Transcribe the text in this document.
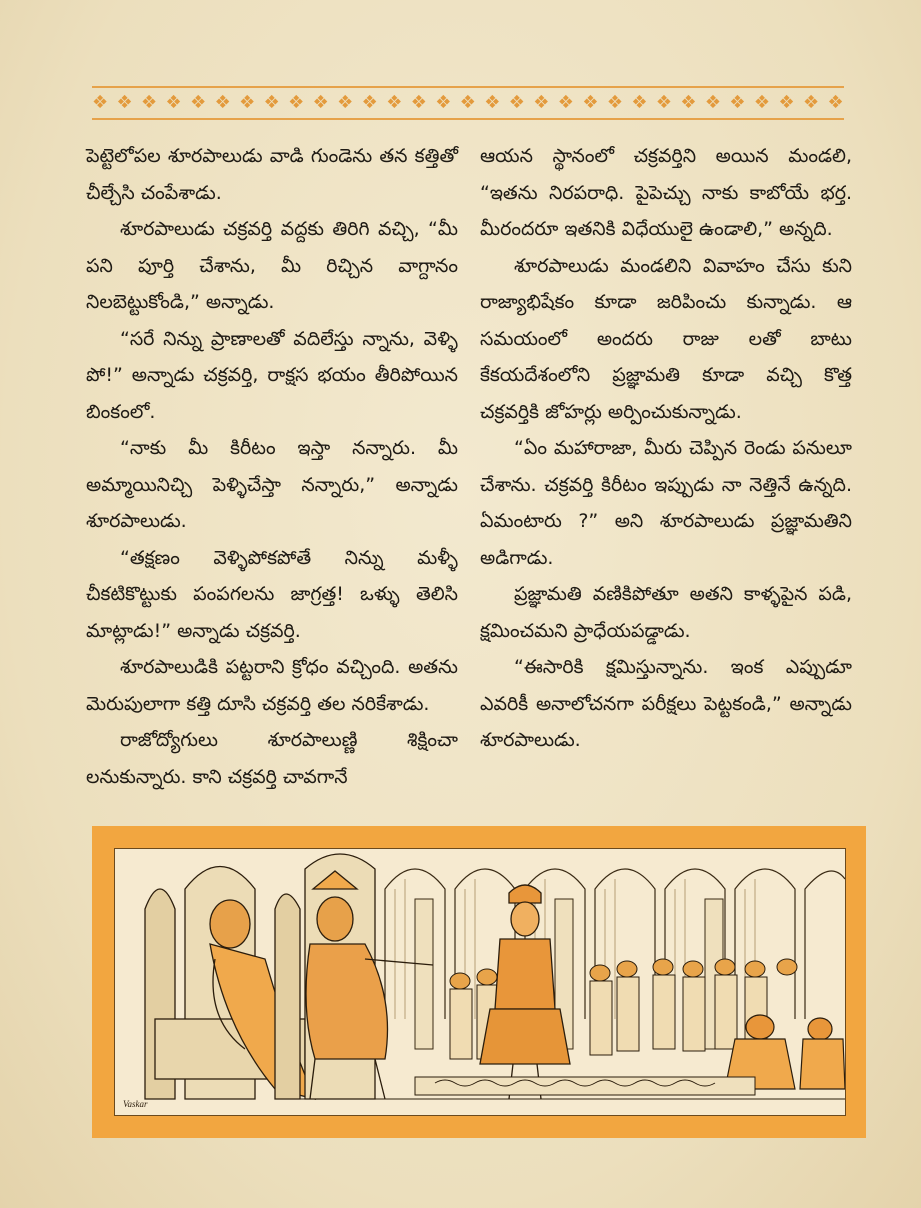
❖ ❖ ❖ ❖ ❖ ❖ ❖ ❖ ❖ ❖ ❖ ❖ ❖ ❖ ❖ ❖ ❖ ❖ ❖ ❖ ❖ ❖ ❖ ❖ ❖ ❖ ❖ ❖ ❖ ❖ ❖

పెట్టెలోపల శూరపాలుడు వాడి గుండెను తన కత్తితో చీల్చేసి చంపేశాడు.

శూరపాలుడు చక్రవర్తి వద్దకు తిరిగి వచ్చి, “మీ పని పూర్తి చేశాను, మీ రిచ్చిన వాగ్దానం నిలబెట్టుకోండి,” అన్నాడు.

“సరే నిన్ను ప్రాణాలతో వదిలేస్తు న్నాను, వెళ్ళి పో!” అన్నాడు చక్రవర్తి, రాక్షస భయం తీరిపోయిన బింకంలో.

“నాకు మీ కిరీటం ఇస్తా నన్నారు. మీ అమ్మాయినిచ్చి పెళ్ళిచేస్తా నన్నారు,” అన్నాడు శూరపాలుడు.

“తక్షణం వెళ్ళిపోకపోతే నిన్ను మళ్ళీ చీకటికొట్టుకు పంపగలను జాగ్రత్త! ఒళ్ళు తెలిసి మాట్లాడు!” అన్నాడు చక్రవర్తి.

శూరపాలుడికి పట్టరాని క్రోధం వచ్చింది. అతను మెరుపులాగా కత్తి దూసి చక్రవర్తి తల నరికేశాడు.

రాజోద్యోగులు శూరపాలుణ్ణి శిక్షించా లనుకున్నారు. కాని చక్రవర్తి చావగానే

ఆయన స్థానంలో చక్రవర్తిని అయిన మండలి, “ఇతను నిరపరాధి. పైపెచ్చు నాకు కాబోయే భర్త. మీరందరూ ఇతనికి విధేయులై ఉండాలి,” అన్నది.

శూరపాలుడు మండలిని వివాహం చేసు కుని రాజ్యాభిషేకం కూడా జరిపించు కున్నాడు. ఆ సమయంలో అందరు రాజు లతో బాటు కేకయదేశంలోని ప్రజ్ఞామతి కూడా వచ్చి కొత్త చక్రవర్తికి జోహర్లు అర్పించుకున్నాడు.

“ఏం మహారాజా, మీరు చెప్పిన రెండు పనులూ చేశాను. చక్రవర్తి కిరీటం ఇప్పుడు నా నెత్తినే ఉన్నది. ఏమంటారు ?” అని శూరపాలుడు ప్రజ్ఞామతిని అడిగాడు.

ప్రజ్ఞామతి వణికిపోతూ అతని కాళ్ళపైన పడి, క్షమించమని ప్రాధేయపడ్డాడు.

“ఈసారికి క్షమిస్తున్నాను. ఇంక ఎప్పుడూ ఎవరికీ అనాలోచనగా పరీక్షలు పెట్టకండి,” అన్నాడు శూరపాలుడు.

Vaskar
